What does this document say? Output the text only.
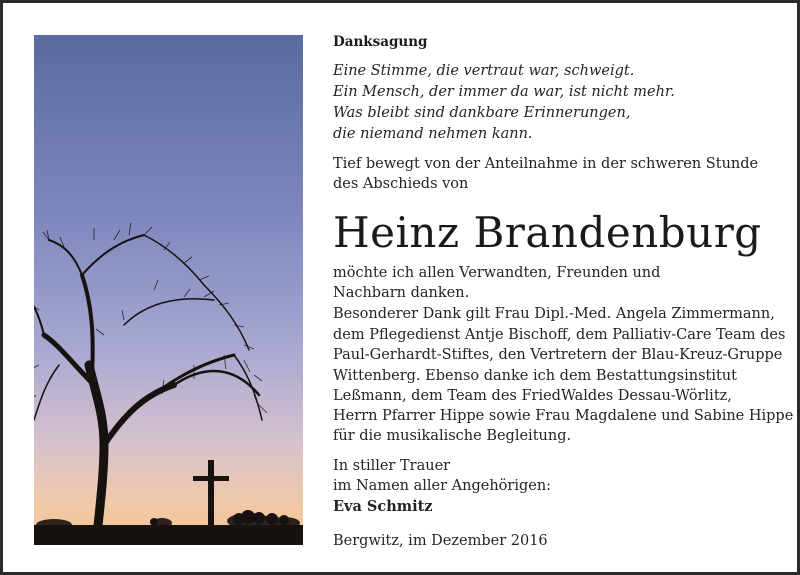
Danksagung
Eine Stimme, die vertraut war, schweigt.
Ein Mensch, der immer da war, ist nicht mehr.
Was bleibt sind dankbare Erinnerungen,
die niemand nehmen kann.
Tief bewegt von der Anteilnahme in der schweren Stunde
des Abschieds von
Heinz Brandenburg
möchte ich allen Verwandten, Freunden und
Nachbarn danken.
Besonderer Dank gilt Frau Dipl.-Med. Angela Zimmermann,
dem Pflegedienst Antje Bischoff, dem Palliativ-Care Team des
Paul-Gerhardt-Stiftes, den Vertretern der Blau-Kreuz-Gruppe
Wittenberg. Ebenso danke ich dem Bestattungsinstitut
Leßmann, dem Team des FriedWaldes Dessau-Wörlitz,
Herrn Pfarrer Hippe sowie Frau Magdalene und Sabine Hippe
für die musikalische Begleitung.
In stiller Trauer
im Namen aller Angehörigen:
Eva Schmitz
Bergwitz, im Dezember 2016
